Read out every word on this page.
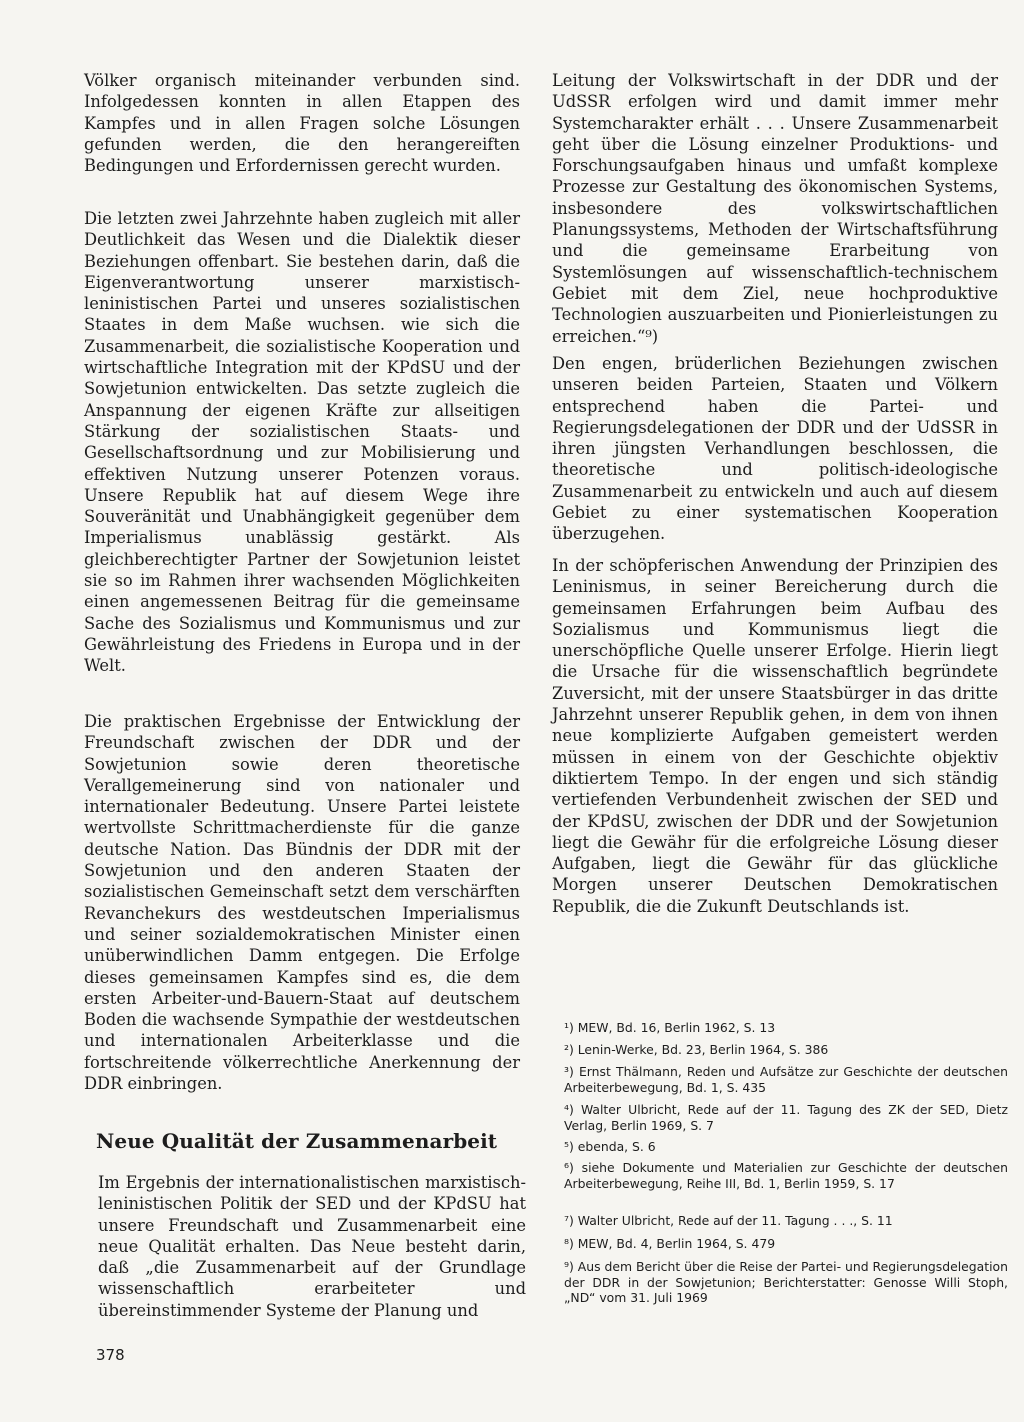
Völker organisch miteinander verbunden sind. Infolgedessen konnten in allen Etappen des Kampfes und in allen Fragen solche Lösungen gefunden werden, die den herangereiften Bedingungen und Erfordernissen gerecht wurden.

Die letzten zwei Jahrzehnte haben zugleich mit aller Deutlichkeit das Wesen und die Dialektik dieser Beziehungen offenbart. Sie bestehen darin, daß die Eigenverantwortung unserer marxistisch-leninistischen Partei und unseres sozialistischen Staates in dem Maße wuchsen. wie sich die Zusammenarbeit, die sozialistische Kooperation und wirtschaftliche Integration mit der KPdSU und der Sowjetunion entwickelten. Das setzte zugleich die Anspannung der eigenen Kräfte zur allseitigen Stärkung der sozialistischen Staats- und Gesellschaftsordnung und zur Mobilisierung und effektiven Nutzung unserer Potenzen voraus. Unsere Republik hat auf diesem Wege ihre Souveränität und Unabhängigkeit gegenüber dem Imperialismus unablässig gestärkt. Als gleichberechtigter Partner der Sowjetunion leistet sie so im Rahmen ihrer wachsenden Möglichkeiten einen angemessenen Beitrag für die gemeinsame Sache des Sozialismus und Kommunismus und zur Gewährleistung des Friedens in Europa und in der Welt.

Die praktischen Ergebnisse der Entwicklung der Freundschaft zwischen der DDR und der Sowjetunion sowie deren theoretische Verallgemeinerung sind von nationaler und internationaler Bedeutung. Unsere Partei leistete wertvollste Schrittmacherdienste für die ganze deutsche Nation. Das Bündnis der DDR mit der Sowjetunion und den anderen Staaten der sozialistischen Gemeinschaft setzt dem verschärften Revanchekurs des westdeutschen Imperialismus und seiner sozialdemokratischen Minister einen unüberwindlichen Damm entgegen. Die Erfolge dieses gemeinsamen Kampfes sind es, die dem ersten Arbeiter-und-Bauern-Staat auf deutschem Boden die wachsende Sympathie der westdeutschen und internationalen Arbeiterklasse und die fortschreitende völkerrechtliche Anerkennung der DDR einbringen.

Neue Qualität der Zusammenarbeit

Im Ergebnis der internationalistischen marxistisch-leninistischen Politik der SED und der KPdSU hat unsere Freundschaft und Zusammenarbeit eine neue Qualität erhalten. Das Neue besteht darin, daß „die Zusammenarbeit auf der Grundlage wissenschaftlich erarbeiteter und übereinstimmender Systeme der Planung und

Leitung der Volkswirtschaft in der DDR und der UdSSR erfolgen wird und damit immer mehr Systemcharakter erhält . . . Unsere Zusammenarbeit geht über die Lösung einzelner Produktions- und Forschungsaufgaben hinaus und umfaßt komplexe Prozesse zur Gestaltung des ökonomischen Systems, insbesondere des volkswirtschaftlichen Planungssystems, Methoden der Wirtschaftsführung und die gemeinsame Erarbeitung von Systemlösungen auf wissenschaftlich-technischem Gebiet mit dem Ziel, neue hochproduktive Technologien auszuarbeiten und Pionierleistungen zu erreichen.“⁹)

Den engen, brüderlichen Beziehungen zwischen unseren beiden Parteien, Staaten und Völkern entsprechend haben die Partei- und Regierungsdelegationen der DDR und der UdSSR in ihren jüngsten Verhandlungen beschlossen, die theoretische und politisch-ideologische Zusammenarbeit zu entwickeln und auch auf diesem Gebiet zu einer systematischen Kooperation überzugehen.

In der schöpferischen Anwendung der Prinzipien des Leninismus, in seiner Bereicherung durch die gemeinsamen Erfahrungen beim Aufbau des Sozialismus und Kommunismus liegt die unerschöpfliche Quelle unserer Erfolge. Hierin liegt die Ursache für die wissenschaftlich begründete Zuversicht, mit der unsere Staatsbürger in das dritte Jahrzehnt unserer Republik gehen, in dem von ihnen neue komplizierte Aufgaben gemeistert werden müssen in einem von der Geschichte objektiv diktiertem Tempo. In der engen und sich ständig vertiefenden Verbundenheit zwischen der SED und der KPdSU, zwischen der DDR und der Sowjetunion liegt die Gewähr für die erfolgreiche Lösung dieser Aufgaben, liegt die Gewähr für das glückliche Morgen unserer Deutschen Demokratischen Republik, die die Zukunft Deutschlands ist.

¹) MEW, Bd. 16, Berlin 1962, S. 13

²) Lenin-Werke, Bd. 23, Berlin 1964, S. 386

³) Ernst Thälmann, Reden und Aufsätze zur Geschichte der deutschen Arbeiterbewegung, Bd. 1, S. 435

⁴) Walter Ulbricht, Rede auf der 11. Tagung des ZK der SED, Dietz Verlag, Berlin 1969, S. 7

⁵) ebenda, S. 6

⁶) siehe Dokumente und Materialien zur Geschichte der deutschen Arbeiterbewegung, Reihe III, Bd. 1, Berlin 1959, S. 17

⁷) Walter Ulbricht, Rede auf der 11. Tagung . . ., S. 11

⁸) MEW, Bd. 4, Berlin 1964, S. 479

⁹) Aus dem Bericht über die Reise der Partei- und Regierungsdelegation der DDR in der Sowjetunion; Berichterstatter: Genosse Willi Stoph, „ND“ vom 31. Juli 1969

378
